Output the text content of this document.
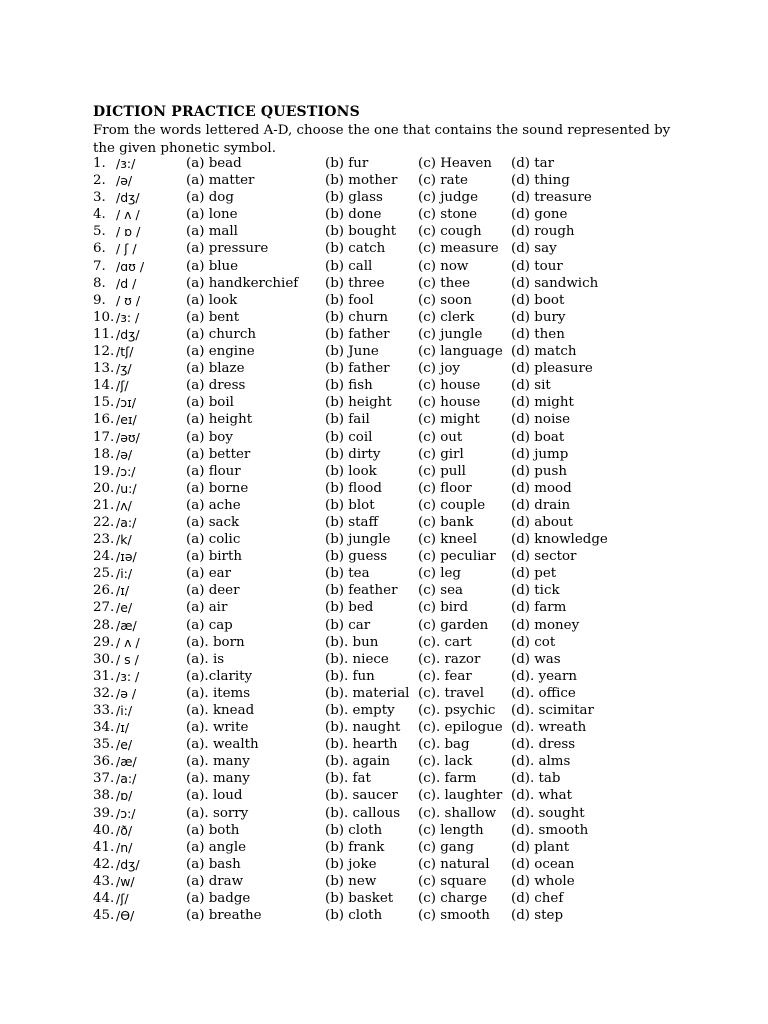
DICTION PRACTICE QUESTIONS
From the words lettered A-D, choose the one that contains the sound represented by the given phonetic symbol.
1. /ɜ:/	(a) bead	(b) fur	(c) Heaven (d) tar
2. /ə/	(a) matter	(b) mother (c) rate	(d) thing
3. /dʒ/	(a) dog	(b) glass	(c) judge (d) treasure
4. / ʌ /	(a) lone	(b) done	(c) stone	(d) gone
5. / ɒ /	(a) mall	(b) bought (c) cough (d) rough
6. / ʃ /	(a) pressure	(b) catch (c) measure (d) say
7. /ɑʊ /	(a) blue	(b) call	(c) now	(d) tour
8. /d /	(a) handkerchief (b) three (c) thee	(d) sandwich
9. / ʊ /	(a) look	(b) fool	(c) soon	(d) boot
10. /ɜ: /	(a) bent	(b) churn (c) clerk	(d) bury
11. /dʒ/	(a) church	(b) father (c) jungle (d) then
12. /tʃ/	(a) engine	(b) June	(c) language (d) match
13. /ʒ/	(a) blaze	(b) father (c) joy	(d) pleasure
14. /ʃ/	(a) dress	(b) fish	(c) house (d) sit
15. /ɔɪ/	(a) boil	(b) height (c) house (d) might
16. /eɪ/	(a) height	(b) fail	(c) might (d) noise
17. /əʊ/	(a) boy	(b) coil	(c) out	(d) boat
18. /ə/	(a) better	(b) dirty	(c) girl	(d) jump
19. /ɔ:/	(a) flour	(b) look	(c) pull	(d) push
20. /u:/	(a) borne	(b) flood	(c) floor	(d) mood
21. /ʌ/	(a) ache	(b) blot	(c) couple (d) drain
22. /a:/	(a) sack	(b) staff	(c) bank	(d) about
23. /k/	(a) colic	(b) jungle (c) kneel	(d) knowledge
24. /ɪə/	(a) birth	(b) guess (c) peculiar (d) sector
25. /i:/	(a) ear	(b) tea	(c) leg	(d) pet
26. /ɪ/	(a) deer	(b) feather (c) sea	(d) tick
27. /e/	(a) air	(b) bed	(c) bird	(d) farm
28. /æ/	(a) cap	(b) car	(c) garden (d) money
29. / ʌ /	(a). born	(b). bun	(c). cart	(d) cot
30. / s /	(a). is	(b). niece (c). razor (d) was
31. /ɜ: /	(a).clarity	(b). fun	(c). fear	(d). yearn
32. /ə /	(a). items	(b). material (c). travel (d). office
33. /i:/	(a). knead	(b). empty (c). psychic (d). scimitar
34. /ɪ/	(a). write	(b). naught (c). epilogue (d). wreath
35. /e/	(a). wealth	(b). hearth (c). bag	(d). dress
36. /æ/	(a). many	(b). again (c). lack	(d). alms
37. /a:/	(a). many	(b). fat	(c). farm	(d). tab
38. /ɒ/	(a). loud	(b). saucer (c). laughter (d). what
39. /ɔ:/	(a). sorry	(b). callous (c). shallow (d). sought
40. /ð/	(a) both	(b) cloth	(c) length (d). smooth
41. /n/	(a) angle	(b) frank	(c) gang	(d) plant
42. /dʒ/	(a) bash	(b) joke	(c) natural (d) ocean
43. /w/	(a) draw	(b) new	(c) square (d) whole
44. /ʃ/	(a) badge	(b) basket (c) charge (d) chef
45. /Ɵ/	(a) breathe	(b) cloth	(c) smooth (d) step
